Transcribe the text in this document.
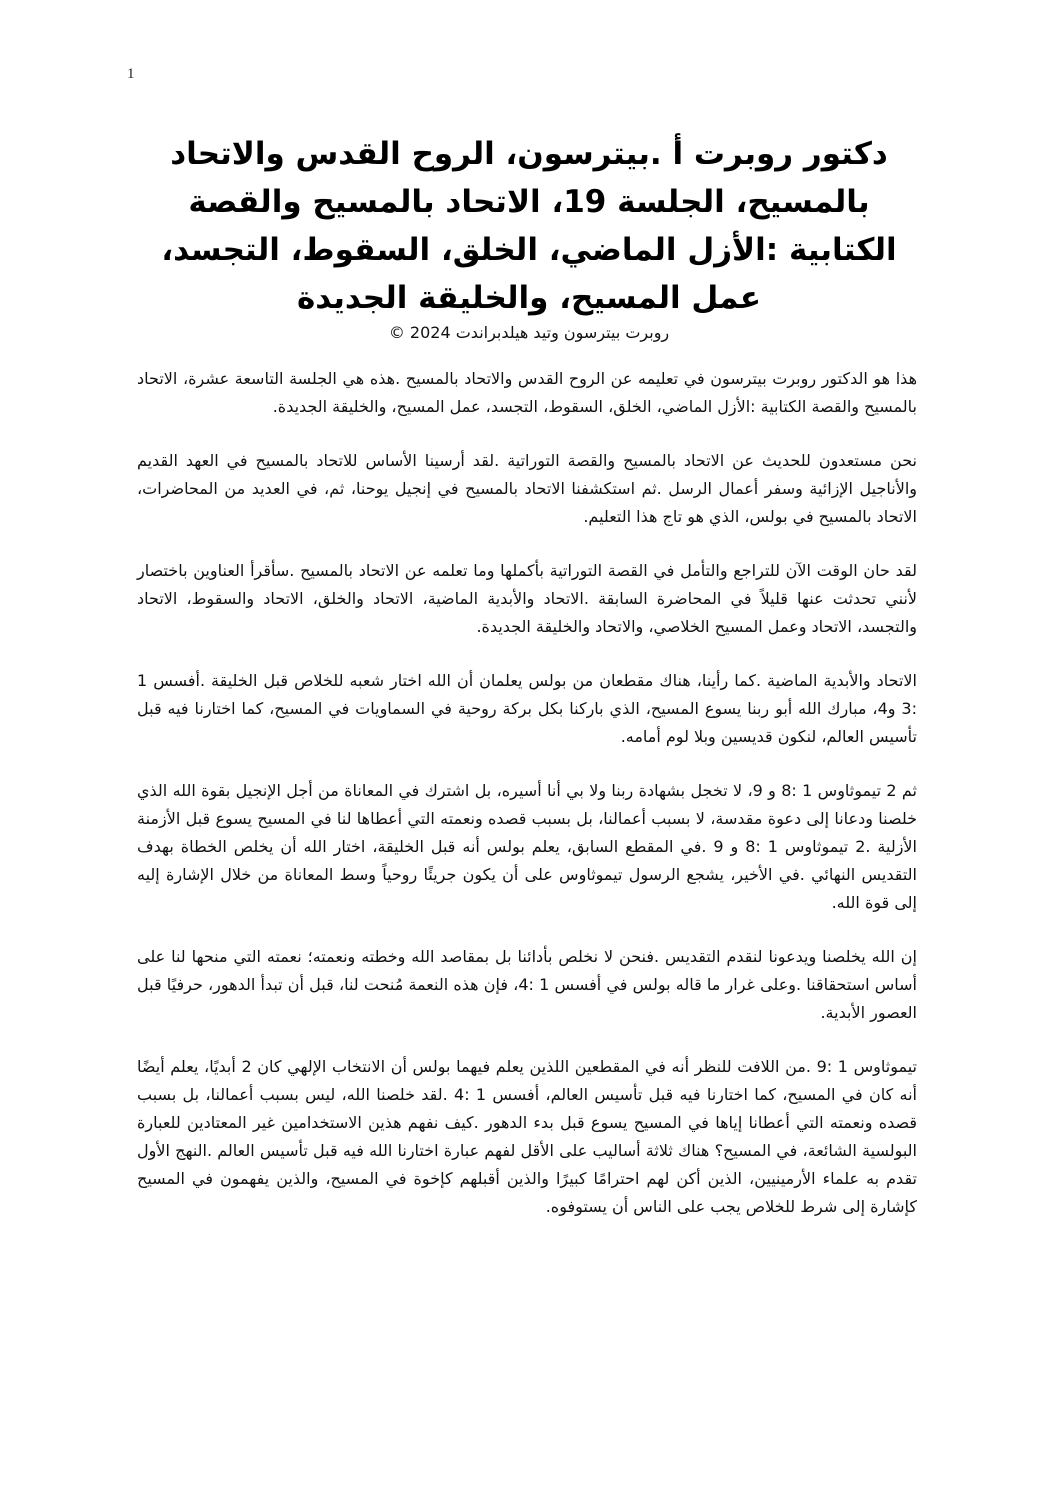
1
دكتور روبرت أ .بيترسون، الروح القدس والاتحاد بالمسيح، الجلسة 19، الاتحاد بالمسيح والقصة الكتابية :الأزل الماضي، الخلق، السقوط، التجسد، عمل المسيح، والخليقة الجديدة
روبرت بيترسون وتيد هيلدبراندت 2024 ©

هذا هو الدكتور روبرت بيترسون في تعليمه عن الروح القدس والاتحاد بالمسيح .هذه هي الجلسة التاسعة عشرة، الاتحاد بالمسيح والقصة الكتابية :الأزل الماضي، الخلق، السقوط، التجسد، عمل المسيح، والخليقة الجديدة.

نحن مستعدون للحديث عن الاتحاد بالمسيح والقصة التوراتية .لقد أرسينا الأساس للاتحاد بالمسيح في العهد القديم والأناجيل الإزائية وسفر أعمال الرسل .ثم استكشفنا الاتحاد بالمسيح في إنجيل يوحنا، ثم، في العديد من المحاضرات، الاتحاد بالمسيح في بولس، الذي هو تاج هذا التعليم.

لقد حان الوقت الآن للتراجع والتأمل في القصة التوراتية بأكملها وما تعلمه عن الاتحاد بالمسيح .سأقرأ العناوين باختصار لأنني تحدثت عنها قليلاً في المحاضرة السابقة .الاتحاد والأبدية الماضية، الاتحاد والخلق، الاتحاد والسقوط، الاتحاد والتجسد، الاتحاد وعمل المسيح الخلاصي، والاتحاد والخليقة الجديدة.

الاتحاد والأبدية الماضية .كما رأينا، هناك مقطعان من بولس يعلمان أن الله اختار شعبه للخلاص قبل الخليقة .أفسس 1 :3 و4، مبارك الله أبو ربنا يسوع المسيح، الذي باركنا بكل بركة روحية في السماويات في المسيح، كما اختارنا فيه قبل تأسيس العالم، لنكون قديسين وبلا لوم أمامه.

ثم 2 تيموثاوس 1 :8 و 9، لا تخجل بشهادة ربنا ولا بي أنا أسيره، بل اشترك في المعاناة من أجل الإنجيل بقوة الله الذي خلصنا ودعانا إلى دعوة مقدسة، لا بسبب أعمالنا، بل بسبب قصده ونعمته التي أعطاها لنا في المسيح يسوع قبل الأزمنة الأزلية .2 تيموثاوس 1 :8 و 9 .في المقطع السابق، يعلم بولس أنه قبل الخليقة، اختار الله أن يخلص الخطاة بهدف التقديس النهائي .في الأخير، يشجع الرسول تيموثاوس على أن يكون جريئًا روحياً وسط المعاناة من خلال الإشارة إليه إلى قوة الله.

إن الله يخلصنا ويدعونا لنقدم التقديس .فنحن لا نخلص بأدائنا بل بمقاصد الله وخطته ونعمته؛ نعمته التي منحها لنا على أساس استحقاقنا .وعلى غرار ما قاله بولس في أفسس 1 :4، فإن هذه النعمة مُنحت لنا، قبل أن تبدأ الدهور، حرفيًا قبل العصور الأبدية.

تيموثاوس 1 :9 .من اللافت للنظر أنه في المقطعين اللذين يعلم فيهما بولس أن الانتخاب الإلهي كان 2 أبديًا، يعلم أيضًا أنه كان في المسيح، كما اختارنا فيه قبل تأسيس العالم، أفسس 1 :4 .لقد خلصنا الله، ليس بسبب أعمالنا، بل بسبب قصده ونعمته التي أعطانا إياها في المسيح يسوع قبل بدء الدهور .كيف نفهم هذين الاستخدامين غير المعتادين للعبارة البولسية الشائعة، في المسيح؟ هناك ثلاثة أساليب على الأقل لفهم عبارة اختارنا الله فيه قبل تأسيس العالم .النهج الأول تقدم به علماء الأرمينيين، الذين أكن لهم احترامًا كبيرًا والذين أقبلهم كإخوة في المسيح، والذين يفهمون في المسيح كإشارة إلى شرط للخلاص يجب على الناس أن يستوفوه.
